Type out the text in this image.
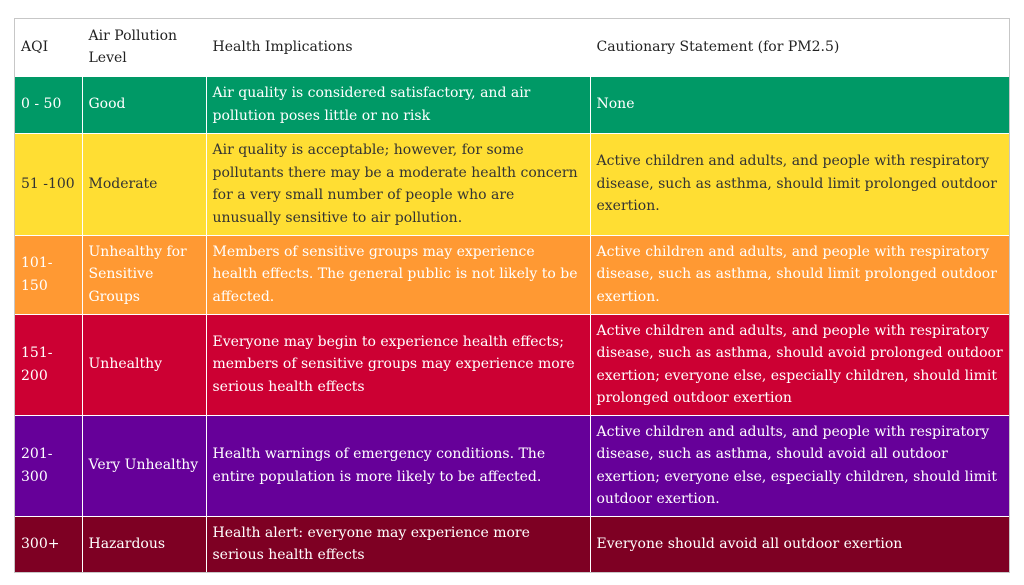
AQI	Air Pollution Level	Health Implications	Cautionary Statement (for PM2.5)
0 - 50	Good	Air quality is considered satisfactory, and air pollution poses little or no risk	None
51 -100	Moderate	Air quality is acceptable; however, for some pollutants there may be a moderate health concern for a very small number of people who are unusually sensitive to air pollution.	Active children and adults, and people with respiratory disease, such as asthma, should limit prolonged outdoor exertion.
101-150	Unhealthy for Sensitive Groups	Members of sensitive groups may experience health effects. The general public is not likely to be affected.	Active children and adults, and people with respiratory disease, such as asthma, should limit prolonged outdoor exertion.
151-200	Unhealthy	Everyone may begin to experience health effects; members of sensitive groups may experience more serious health effects	Active children and adults, and people with respiratory disease, such as asthma, should avoid prolonged outdoor exertion; everyone else, especially children, should limit prolonged outdoor exertion
201-300	Very Unhealthy	Health warnings of emergency conditions. The entire population is more likely to be affected.	Active children and adults, and people with respiratory disease, such as asthma, should avoid all outdoor exertion; everyone else, especially children, should limit outdoor exertion.
300+	Hazardous	Health alert: everyone may experience more serious health effects	Everyone should avoid all outdoor exertion
